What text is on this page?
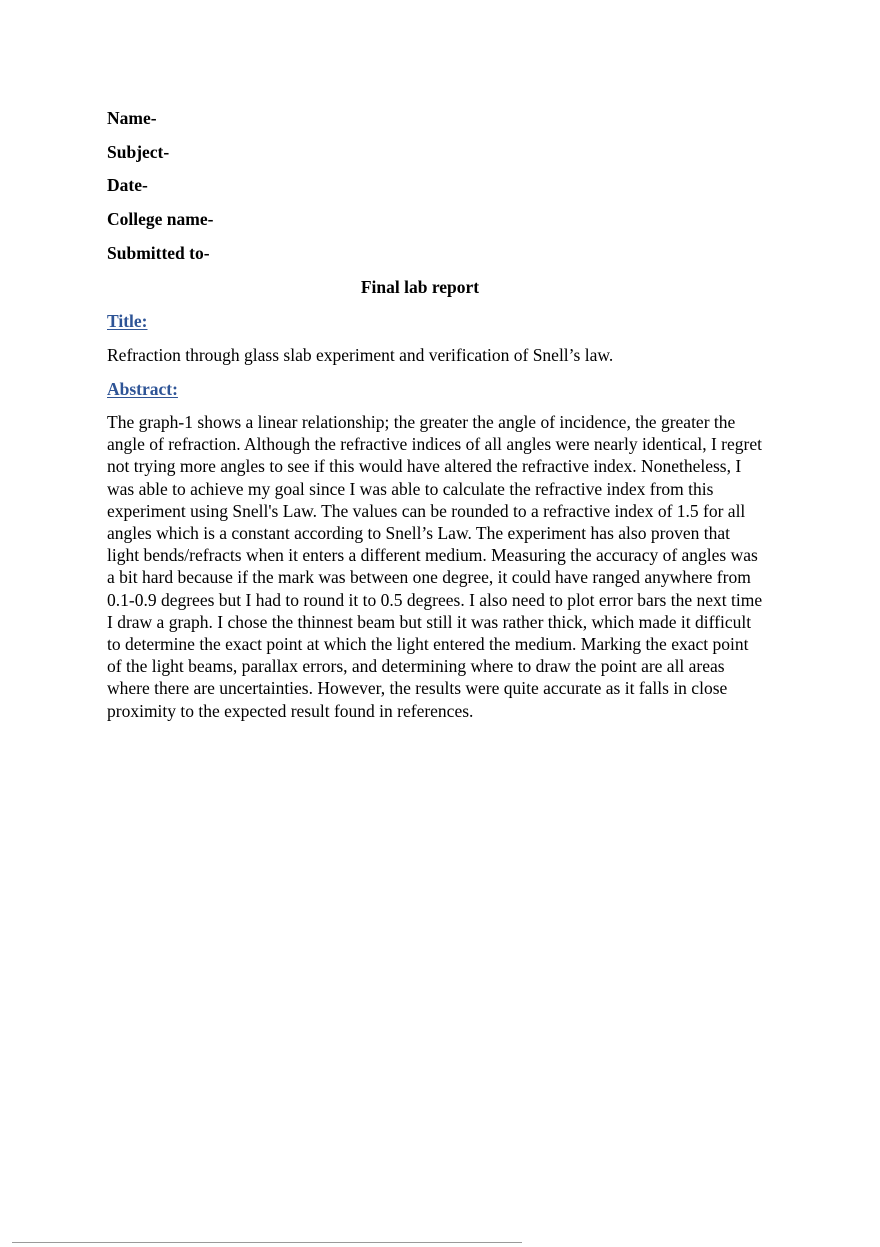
Name-
Subject-
Date-
College name-
Submitted to-
Final lab report
Title:
Refraction through glass slab experiment and verification of Snell’s law.
Abstract:
The graph-1 shows a linear relationship; the greater the angle of incidence, the greater the
angle of refraction. Although the refractive indices of all angles were nearly identical, I regret
not trying more angles to see if this would have altered the refractive index. Nonetheless, I
was able to achieve my goal since I was able to calculate the refractive index from this
experiment using Snell's Law. The values can be rounded to a refractive index of 1.5 for all
angles which is a constant according to Snell’s Law. The experiment has also proven that
light bends/refracts when it enters a different medium. Measuring the accuracy of angles was
a bit hard because if the mark was between one degree, it could have ranged anywhere from
0.1-0.9 degrees but I had to round it to 0.5 degrees. I also need to plot error bars the next time
I draw a graph. I chose the thinnest beam but still it was rather thick, which made it difficult
to determine the exact point at which the light entered the medium. Marking the exact point
of the light beams, parallax errors, and determining where to draw the point are all areas
where there are uncertainties. However, the results were quite accurate as it falls in close
proximity to the expected result found in references.
